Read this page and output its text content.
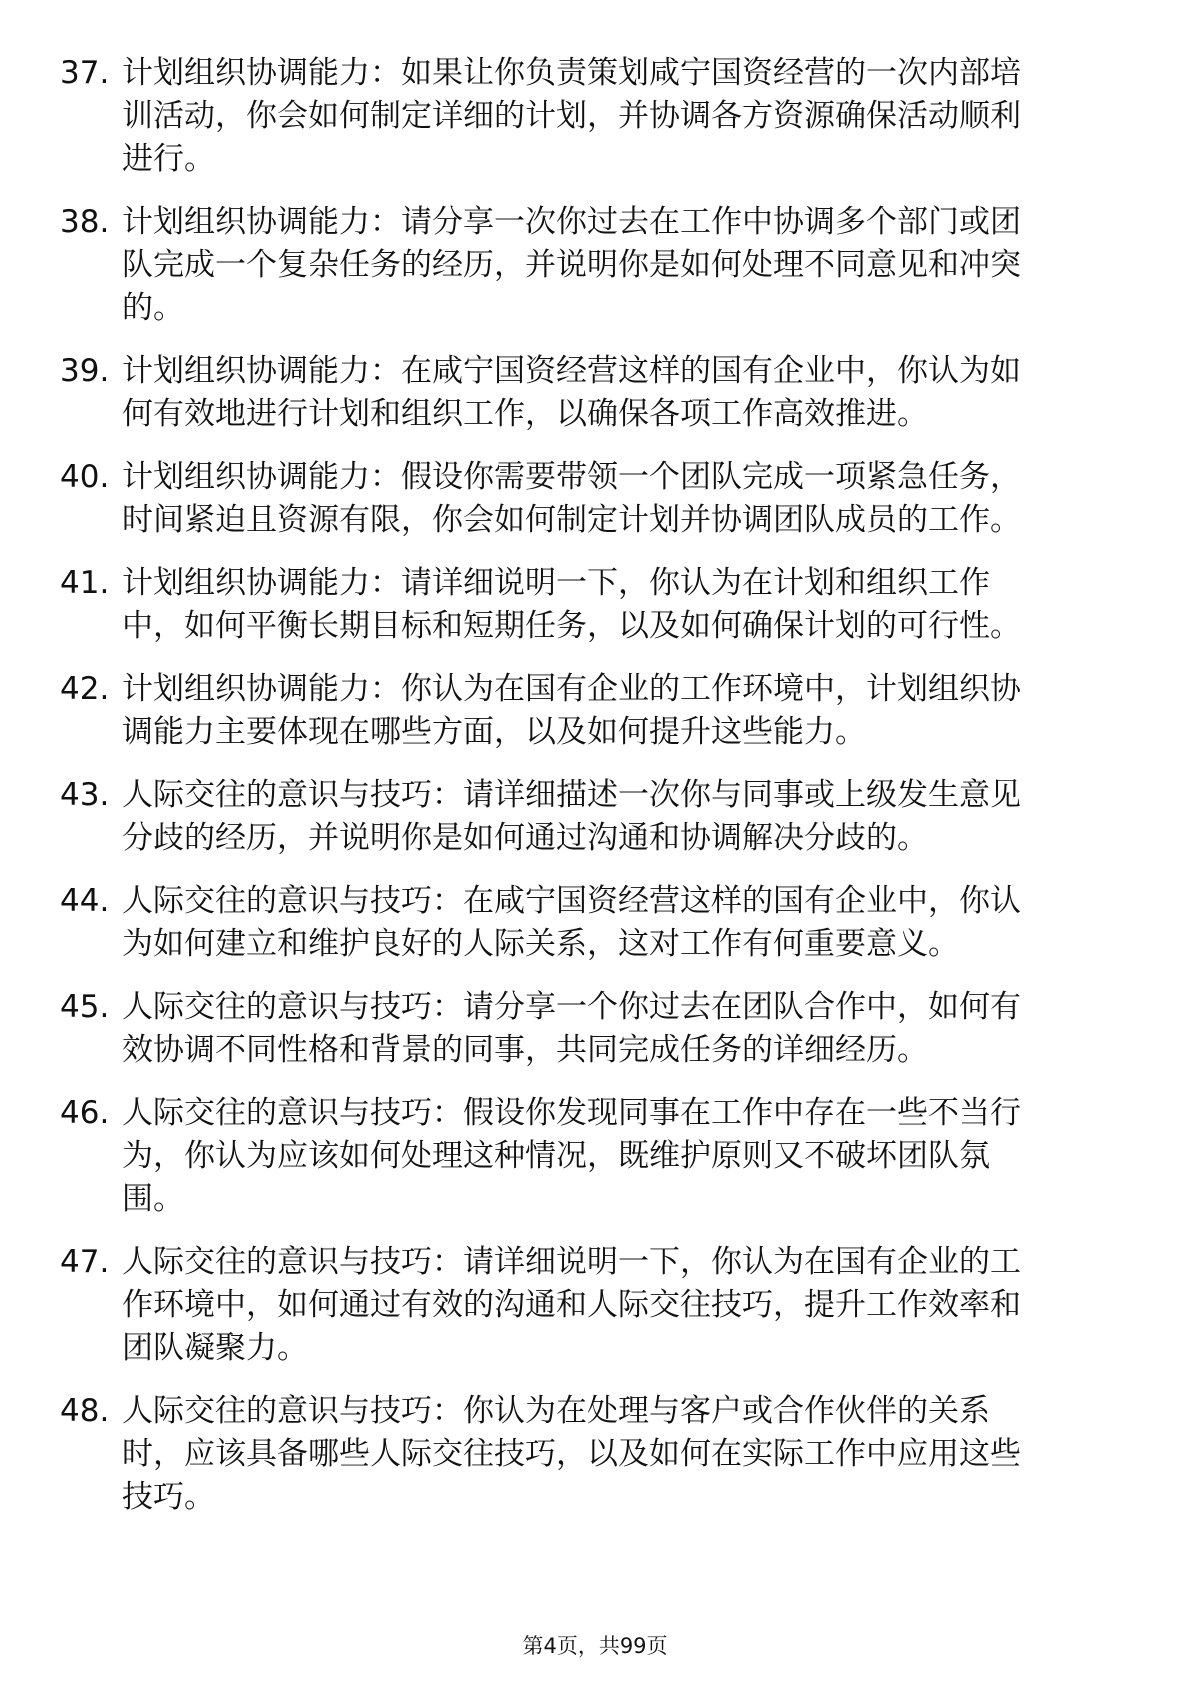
37. 计划组织协调能力：如果让你负责策划咸宁国资经营的一次内部培训活动，你会如何制定详细的计划，并协调各方资源确保活动顺利进行。
38. 计划组织协调能力：请分享一次你过去在工作中协调多个部门或团队完成一个复杂任务的经历，并说明你是如何处理不同意见和冲突的。
39. 计划组织协调能力：在咸宁国资经营这样的国有企业中，你认为如何有效地进行计划和组织工作，以确保各项工作高效推进。
40. 计划组织协调能力：假设你需要带领一个团队完成一项紧急任务，时间紧迫且资源有限，你会如何制定计划并协调团队成员的工作。
41. 计划组织协调能力：请详细说明一下，你认为在计划和组织工作中，如何平衡长期目标和短期任务，以及如何确保计划的可行性。
42. 计划组织协调能力：你认为在国有企业的工作环境中，计划组织协调能力主要体现在哪些方面，以及如何提升这些能力。
43. 人际交往的意识与技巧：请详细描述一次你与同事或上级发生意见分歧的经历，并说明你是如何通过沟通和协调解决分歧的。
44. 人际交往的意识与技巧：在咸宁国资经营这样的国有企业中，你认为如何建立和维护良好的人际关系，这对工作有何重要意义。
45. 人际交往的意识与技巧：请分享一个你过去在团队合作中，如何有效协调不同性格和背景的同事，共同完成任务的详细经历。
46. 人际交往的意识与技巧：假设你发现同事在工作中存在一些不当行为，你认为应该如何处理这种情况，既维护原则又不破坏团队氛围。
47. 人际交往的意识与技巧：请详细说明一下，你认为在国有企业的工作环境中，如何通过有效的沟通和人际交往技巧，提升工作效率和团队凝聚力。
48. 人际交往的意识与技巧：你认为在处理与客户或合作伙伴的关系时，应该具备哪些人际交往技巧，以及如何在实际工作中应用这些技巧。
第4页，共99页
